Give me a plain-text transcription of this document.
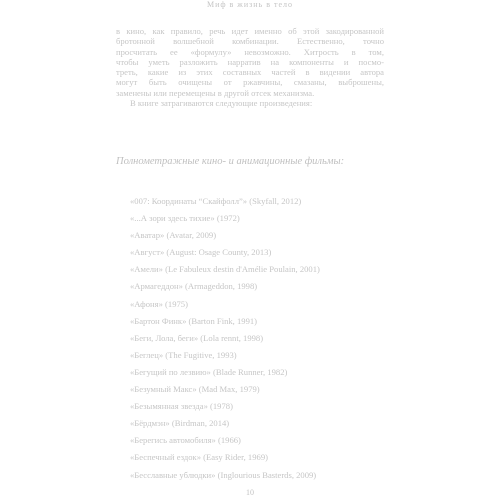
Миф в жизнь в тело
в кино, как правило, речь идет именно об этой закодированной
бротонной волшебной комбинации. Естественно, точно
просчитать ее «формулу» невозможно. Хитрость в том,
чтобы уметь разложить нарратив на компоненты и посмо-
треть, какие из этих составных частей в видении автора
могут быть очищены от ржавчины, смазаны, выброшены,
заменены или перемещены в другой отсек механизма.
В книге затрагиваются следующие произведения:
Полнометражные кино- и анимационные фильмы:
«007: Координаты “Скайфолл”» (Skyfall, 2012)
«...А зори здесь тихие» (1972)
«Аватар» (Avatar, 2009)
«Август» (August: Osage County, 2013)
«Амели» (Le Fabuleux destin d'Amélie Poulain, 2001)
«Армагеддон» (Armageddon, 1998)
«Афоня» (1975)
«Бартон Финк» (Barton Fink, 1991)
«Беги, Лола, беги» (Lola rennt, 1998)
«Беглец» (The Fugitive, 1993)
«Бегущий по лезвию» (Blade Runner, 1982)
«Безумный Макс» (Mad Max, 1979)
«Безымянная звезда» (1978)
«Бёрдмэн» (Birdman, 2014)
«Берегись автомобиля» (1966)
«Беспечный ездок» (Easy Rider, 1969)
«Бесславные ублюдки» (Inglourious Basterds, 2009)
10
